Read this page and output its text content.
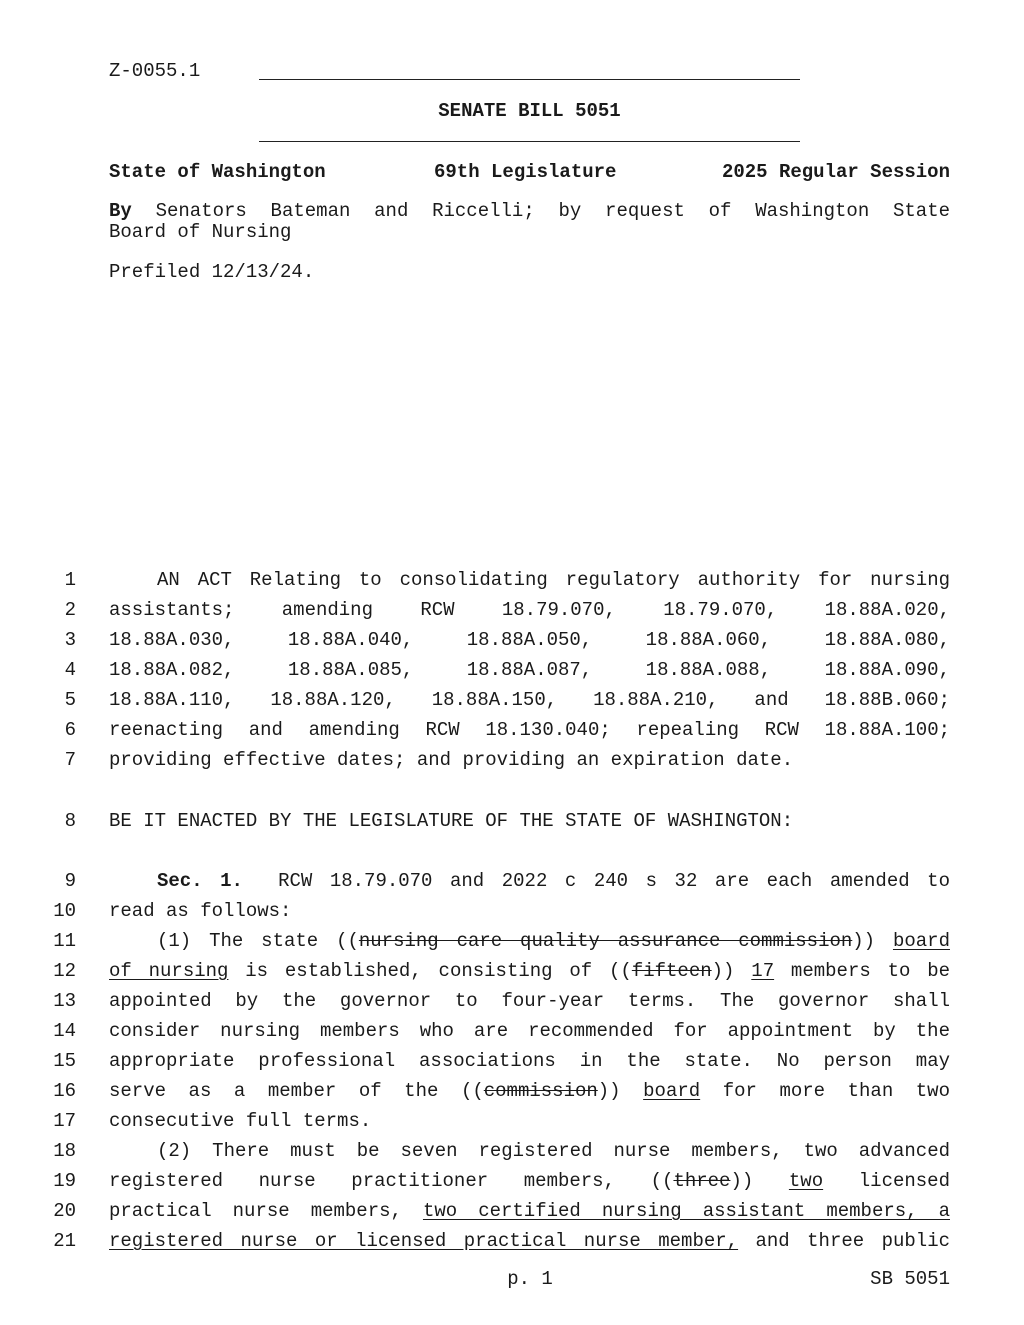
Z-0055.1
SENATE BILL 5051
State of Washington	69th Legislature	2025 Regular Session
By Senators Bateman and Riccelli; by request of Washington State
Board of Nursing
Prefiled 12/13/24.
1	AN ACT Relating to consolidating regulatory authority for nursing
2 assistants; amending RCW 18.79.070, 18.79.070, 18.88A.020,
3 18.88A.030, 18.88A.040, 18.88A.050, 18.88A.060, 18.88A.080,
4 18.88A.082, 18.88A.085, 18.88A.087, 18.88A.088, 18.88A.090,
5 18.88A.110, 18.88A.120, 18.88A.150, 18.88A.210, and 18.88B.060;
6 reenacting and amending RCW 18.130.040; repealing RCW 18.88A.100;
7 providing effective dates; and providing an expiration date.
8 BE IT ENACTED BY THE LEGISLATURE OF THE STATE OF WASHINGTON:
9	Sec. 1. RCW 18.79.070 and 2022 c 240 s 32 are each amended to
10 read as follows:
11	(1) The state ((nursing care quality assurance commission)) board
12 of nursing is established, consisting of ((fifteen)) 17 members to be
13 appointed by the governor to four-year terms. The governor shall
14 consider nursing members who are recommended for appointment by the
15 appropriate professional associations in the state. No person may
16 serve as a member of the ((commission)) board for more than two
17 consecutive full terms.
18	(2) There must be seven registered nurse members, two advanced
19 registered nurse practitioner members, ((three)) two licensed
20 practical nurse members, two certified nursing assistant members, a
21 registered nurse or licensed practical nurse member, and three public
p. 1	SB 5051
